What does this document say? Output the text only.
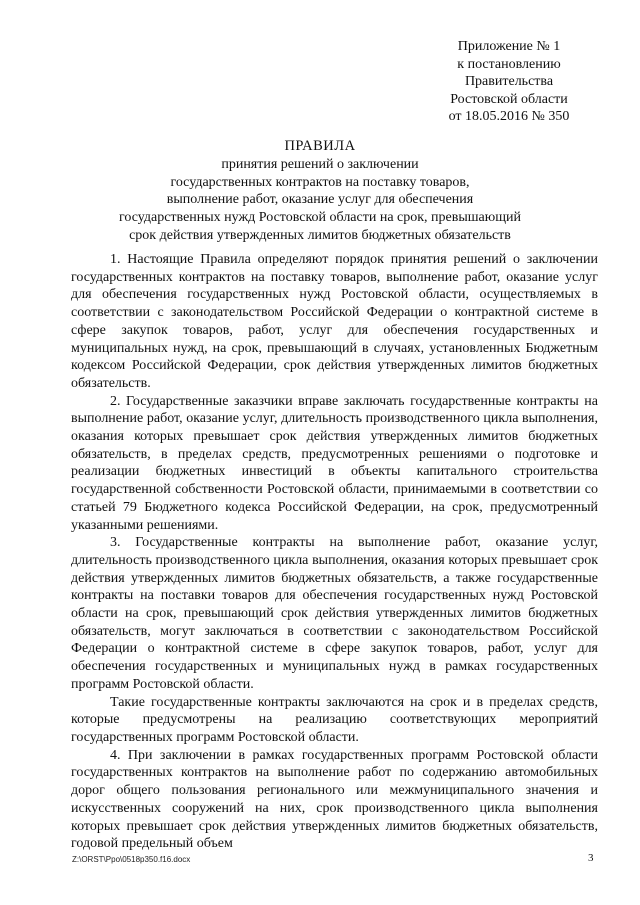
Приложение № 1
к постановлению
Правительства
Ростовской области
от 18.05.2016 № 350
ПРАВИЛА
принятия решений о заключении
государственных контрактов на поставку товаров,
выполнение работ, оказание услуг для обеспечения
государственных нужд Ростовской области на срок, превышающий
срок действия утвержденных лимитов бюджетных обязательств

1. Настоящие Правила определяют порядок принятия решений о заключении государственных контрактов на поставку товаров, выполнение работ, оказание услуг для обеспечения государственных нужд Ростовской области, осуществляемых в соответствии с законодательством Российской Федерации о контрактной системе в сфере закупок товаров, работ, услуг для обеспечения государственных и муниципальных нужд, на срок, превышающий в случаях, установленных Бюджетным кодексом Российской Федерации, срок действия утвержденных лимитов бюджетных обязательств.

2. Государственные заказчики вправе заключать государственные контракты на выполнение работ, оказание услуг, длительность производственного цикла выполнения, оказания которых превышает срок действия утвержденных лимитов бюджетных обязательств, в пределах средств, предусмотренных решениями о подготовке и реализации бюджетных инвестиций в объекты капитального строительства государственной собственности Ростовской области, принимаемыми в соответствии со статьей 79 Бюджетного кодекса Российской Федерации, на срок, предусмотренный указанными решениями.

3. Государственные контракты на выполнение работ, оказание услуг, длительность производственного цикла выполнения, оказания которых превышает срок действия утвержденных лимитов бюджетных обязательств, а также государственные контракты на поставки товаров для обеспечения государственных нужд Ростовской области на срок, превышающий срок действия утвержденных лимитов бюджетных обязательств, могут заключаться в соответствии с законодательством Российской Федерации о контрактной системе в сфере закупок товаров, работ, услуг для обеспечения государственных и муниципальных нужд в рамках государственных программ Ростовской области.

Такие государственные контракты заключаются на срок и в пределах средств, которые предусмотрены на реализацию соответствующих мероприятий государственных программ Ростовской области.

4. При заключении в рамках государственных программ Ростовской области государственных контрактов на выполнение работ по содержанию автомобильных дорог общего пользования регионального или межмуниципального значения и искусственных сооружений на них, срок производственного цикла выполнения которых превышает срок действия утвержденных лимитов бюджетных обязательств, годовой предельный объем

Z:\ORST\Ppo\0518p350.f16.docx	3
